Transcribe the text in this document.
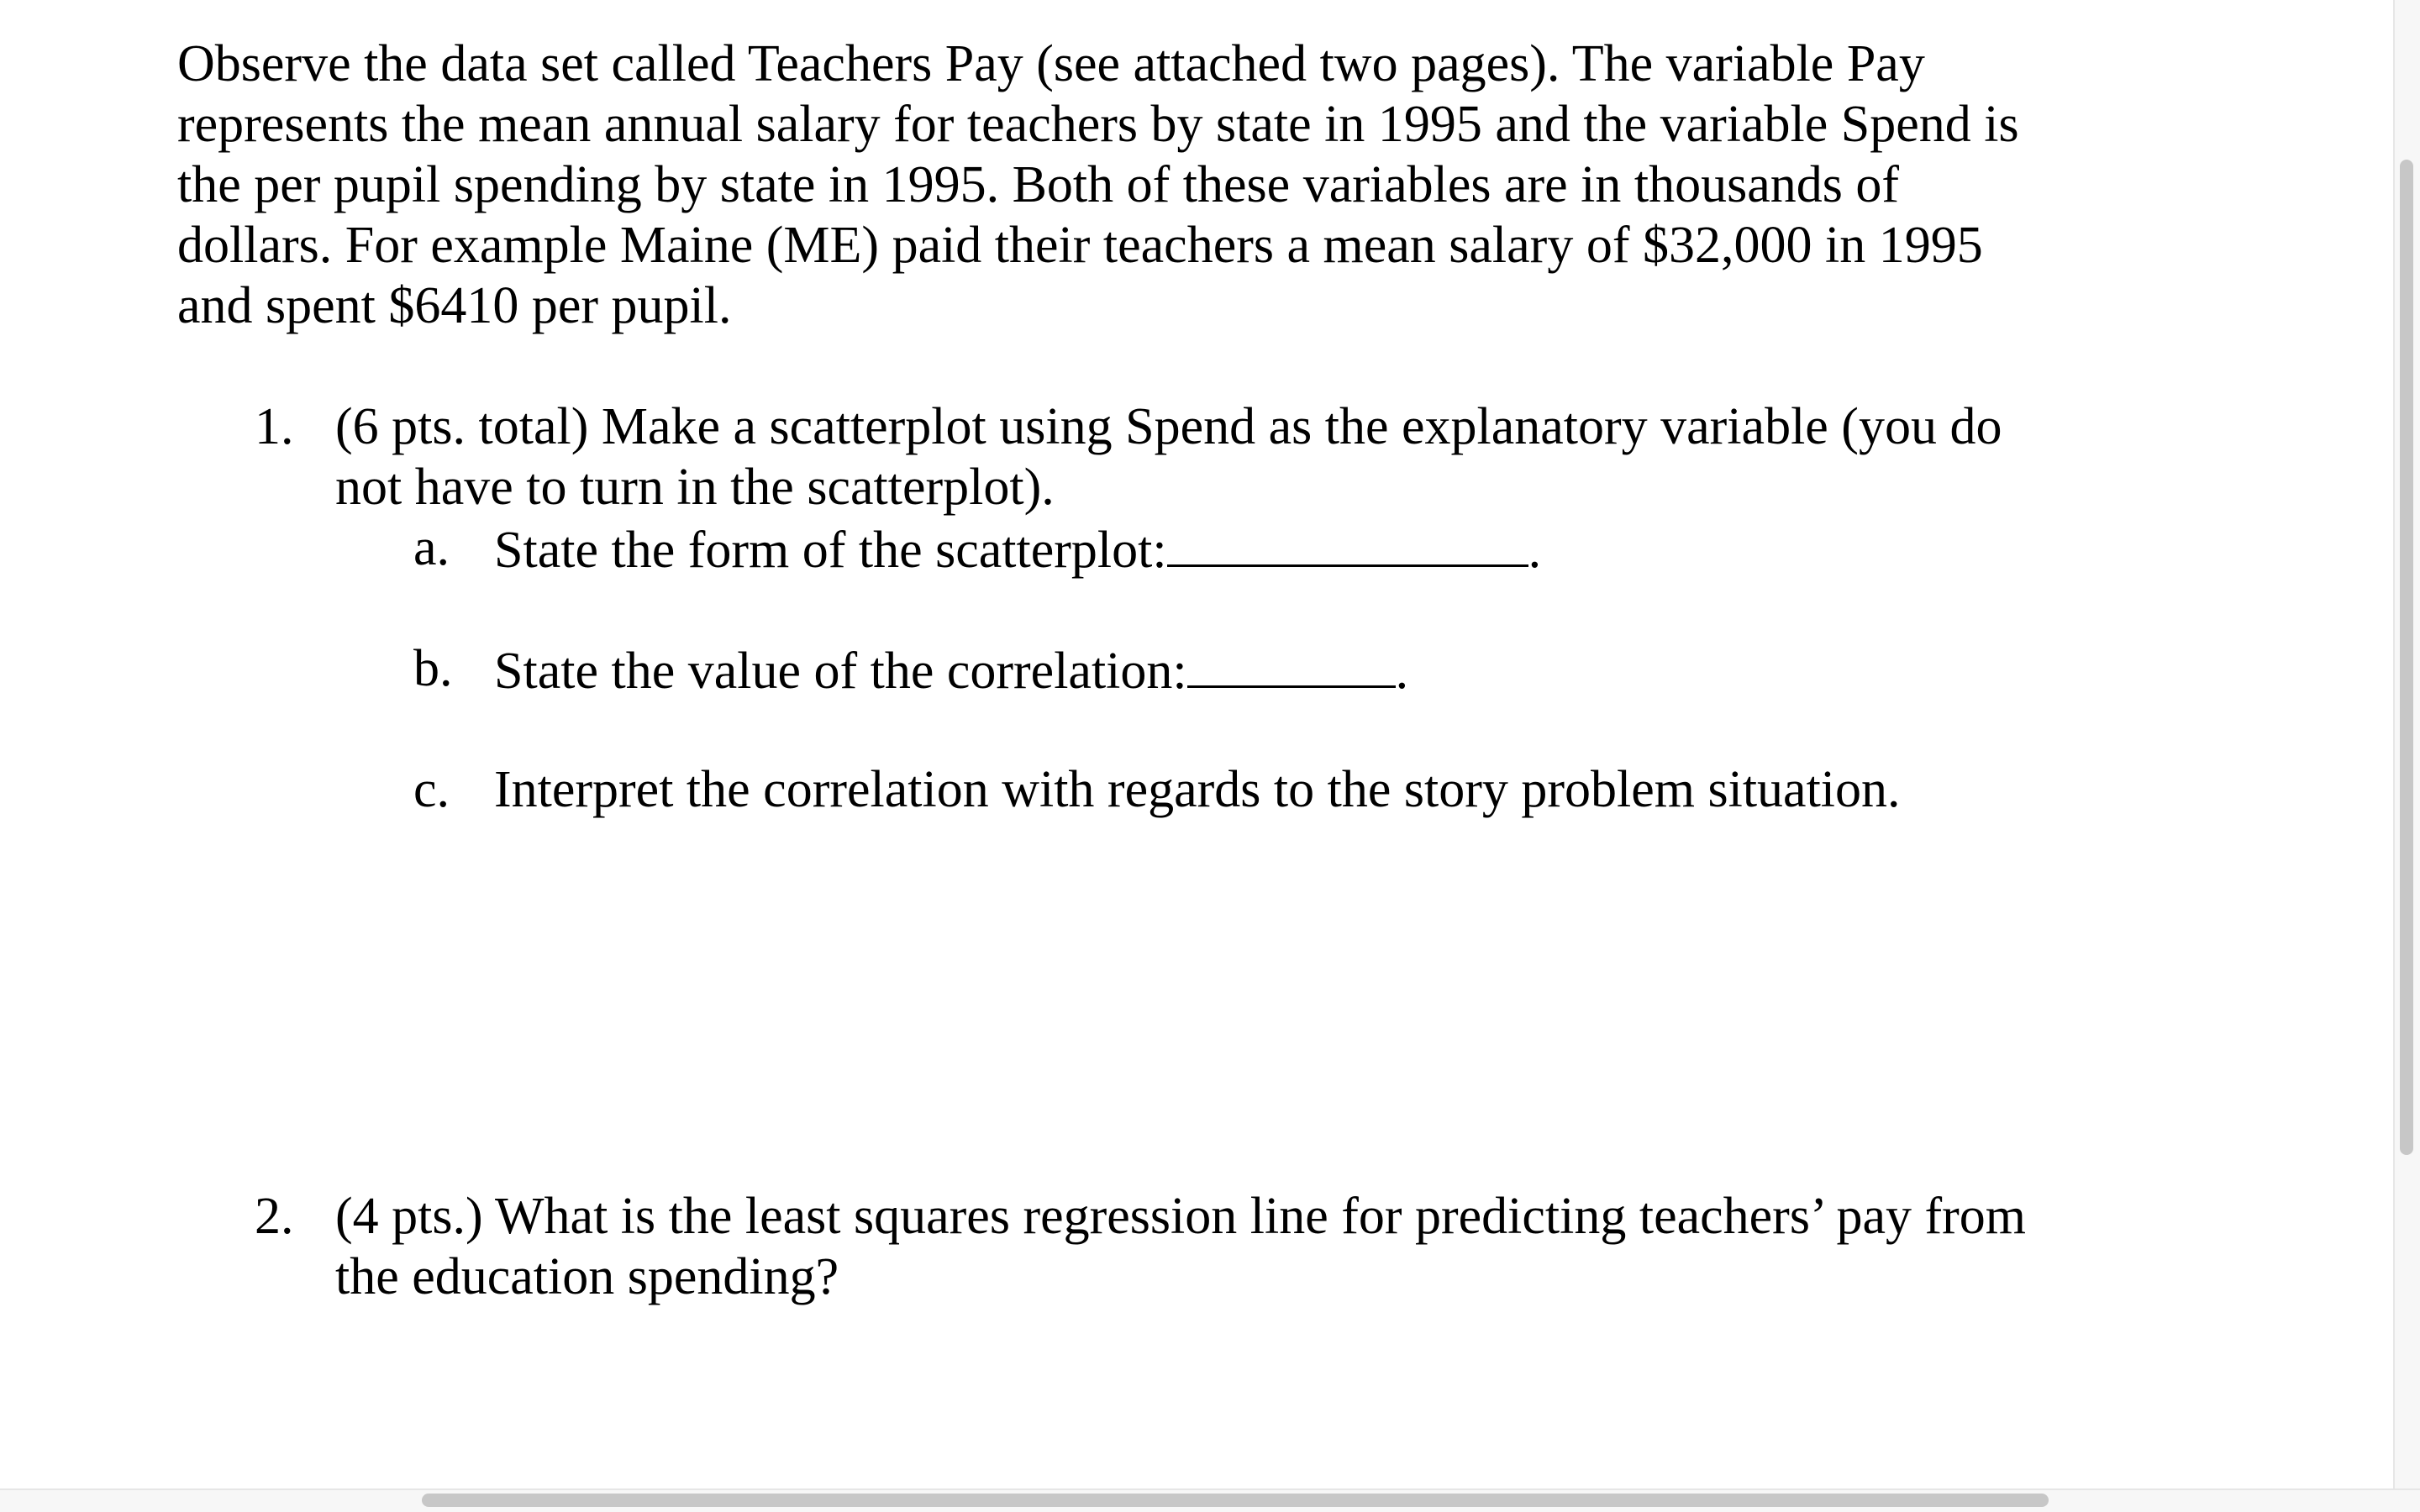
Observe the data set called Teachers Pay (see attached two pages). The variable Pay
represents the mean annual salary for teachers by state in 1995 and the variable Spend is
the per pupil spending by state in 1995. Both of these variables are in thousands of
dollars. For example Maine (ME) paid their teachers a mean salary of $32,000 in 1995
and spent $6410 per pupil.

1. (6 pts. total) Make a scatterplot using Spend as the explanatory variable (you do
not have to turn in the scatterplot).
a. State the form of the scatterplot:	.
b. State the value of the correlation:	.
c. Interpret the correlation with regards to the story problem situation.
2. (4 pts.) What is the least squares regression line for predicting teachers’ pay from
the education spending?
